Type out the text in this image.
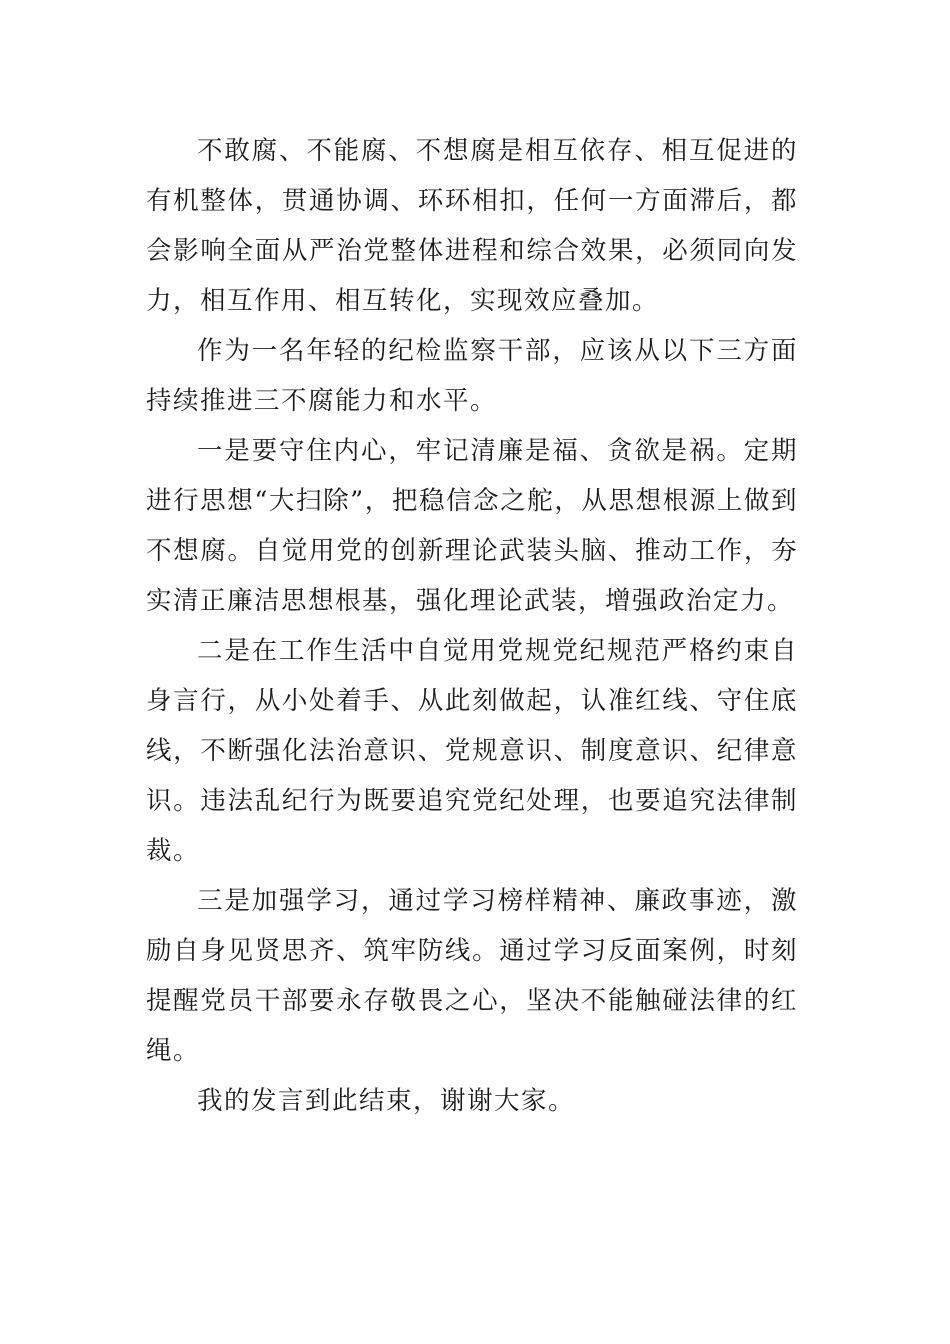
不敢腐、不能腐、不想腐是相互依存、相互促进的有机整体，贯通协调、环环相扣，任何一方面滞后，都会影响全面从严治党整体进程和综合效果，必须同向发力，相互作用、相互转化，实现效应叠加。

作为一名年轻的纪检监察干部，应该从以下三方面持续推进三不腐能力和水平。

一是要守住内心，牢记清廉是福、贪欲是祸。定期进行思想“大扫除”，把稳信念之舵，从思想根源上做到不想腐。自觉用党的创新理论武装头脑、推动工作，夯实清正廉洁思想根基，强化理论武装，增强政治定力。

二是在工作生活中自觉用党规党纪规范严格约束自身言行，从小处着手、从此刻做起，认准红线、守住底线，不断强化法治意识、党规意识、制度意识、纪律意识。违法乱纪行为既要追究党纪处理，也要追究法律制裁。

三是加强学习，通过学习榜样精神、廉政事迹，激励自身见贤思齐、筑牢防线。通过学习反面案例，时刻提醒党员干部要永存敬畏之心，坚决不能触碰法律的红绳。

我的发言到此结束，谢谢大家。
